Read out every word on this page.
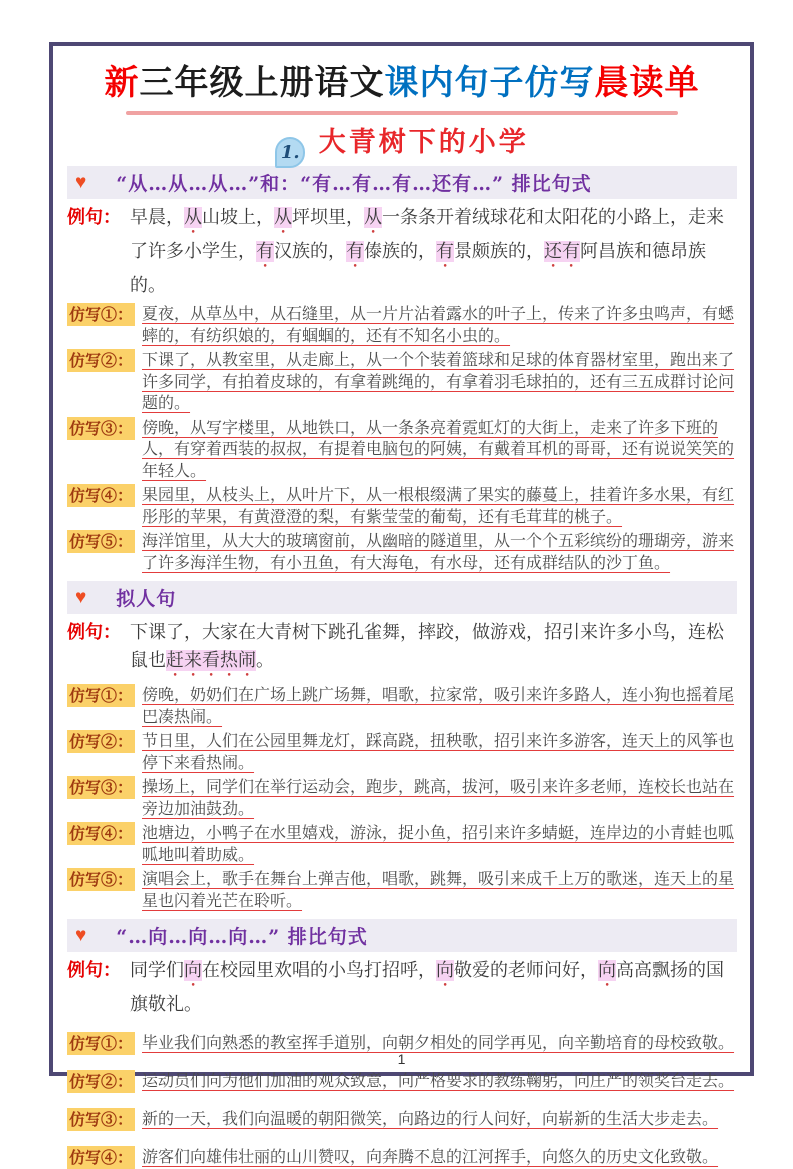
新三年级上册语文课内句子仿写晨读单
1. 大青树下的小学
♥ “从…从…从…”和：“有…有…有…还有…” 排比句式
例句： 早晨，从山坡上，从坪坝里，从一条条开着绒球花和太阳花的小路上，走来了许多小学生，有汉族的，有傣族的，有景颇族的，还有阿昌族和德昂族的。

仿写①： 夏夜，从草丛中，从石缝里，从一片片沾着露水的叶子上，传来了许多虫鸣声，有蟋蟀的，有纺织娘的，有蝈蝈的，还有不知名小虫的。

仿写②： 下课了，从教室里，从走廊上，从一个个装着篮球和足球的体育器材室里，跑出来了许多同学，有拍着皮球的，有拿着跳绳的，有拿着羽毛球拍的，还有三五成群讨论问题的。

仿写③： 傍晚，从写字楼里，从地铁口，从一条条亮着霓虹灯的大街上，走来了许多下班的人，有穿着西装的叔叔，有提着电脑包的阿姨，有戴着耳机的哥哥，还有说说笑笑的年轻人。

仿写④： 果园里，从枝头上，从叶片下，从一根根缀满了果实的藤蔓上，挂着许多水果，有红彤彤的苹果，有黄澄澄的梨，有紫莹莹的葡萄，还有毛茸茸的桃子。

仿写⑤： 海洋馆里，从大大的玻璃窗前，从幽暗的隧道里，从一个个五彩缤纷的珊瑚旁，游来了许多海洋生物，有小丑鱼，有大海龟，有水母，还有成群结队的沙丁鱼。

♥ 拟人句
例句： 下课了，大家在大青树下跳孔雀舞，摔跤，做游戏，招引来许多小鸟，连松鼠也赶来看热闹。

仿写①： 傍晚，奶奶们在广场上跳广场舞，唱歌，拉家常，吸引来许多路人，连小狗也摇着尾巴凑热闹。

仿写②： 节日里，人们在公园里舞龙灯，踩高跷，扭秧歌，招引来许多游客，连天上的风筝也停下来看热闹。

仿写③： 操场上，同学们在举行运动会，跑步，跳高，拔河，吸引来许多老师，连校长也站在旁边加油鼓劲。

仿写④： 池塘边，小鸭子在水里嬉戏，游泳，捉小鱼，招引来许多蜻蜓，连岸边的小青蛙也呱呱地叫着助威。

仿写⑤： 演唱会上，歌手在舞台上弹吉他，唱歌，跳舞，吸引来成千上万的歌迷，连天上的星星也闪着光芒在聆听。

♥ “…向…向…向…” 排比句式
例句： 同学们向在校园里欢唱的小鸟打招呼，向敬爱的老师问好，向高高飘扬的国旗敬礼。

仿写①： 毕业我们向熟悉的教室挥手道别，向朝夕相处的同学再见，向辛勤培育的母校致敬。

仿写②： 运动员们向为他们加油的观众致意，向严格要求的教练鞠躬，向庄严的领奖台走去。

仿写③： 新的一天，我们向温暖的朝阳微笑，向路边的行人问好，向崭新的生活大步走去。

仿写④： 游客们向雄伟壮丽的山川赞叹，向奔腾不息的江河挥手，向悠久的历史文化致敬。

1
